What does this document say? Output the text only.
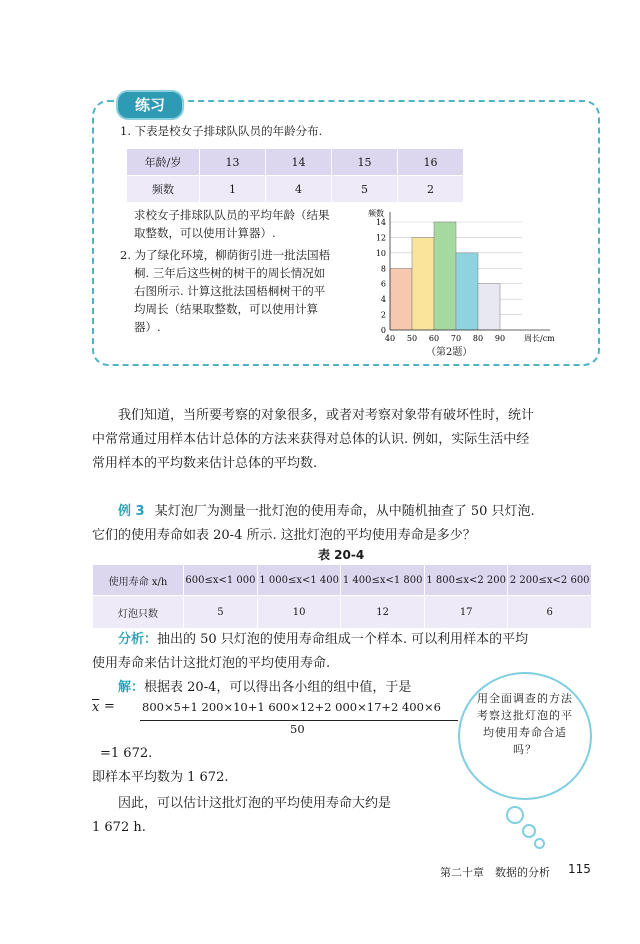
练习
1. 下表是校女子排球队队员的年龄分布.
年龄/岁	13	14	15	16
频数	1	4	5	2
求校女子排球队队员的平均年龄（结果
取整数，可以使用计算器）.
2. 为了绿化环境，柳荫街引进一批法国梧
桐. 三年后这些树的树干的周长情况如
右图所示. 计算这批法国梧桐树干的平
均周长（结果取整数，可以使用计算
器）.	0
2
4
6
8
10
12
14
40 50 60 70 80 90
频数
周长/cm
（第2题）
我们知道，当所要考察的对象很多，或者对考察对象带有破坏性时，统计
中常常通过用样本估计总体的方法来获得对总体的认识. 例如，实际生活中经
常用样本的平均数来估计总体的平均数.
例 3 某灯泡厂为测量一批灯泡的使用寿命，从中随机抽查了 50 只灯泡.
它们的使用寿命如表 20-4 所示. 这批灯泡的平均使用寿命是多少？
表 20-4
使用寿命 x/h	600≤x<1 000	1 000≤x<1 400	1 400≤x<1 800	1 800≤x<2 200	2 200≤x<2 600
灯泡只数	5	10	12	17	6
分析：抽出的 50 只灯泡的使用寿命组成一个样本. 可以利用样本的平均
使用寿命来估计这批灯泡的平均使用寿命.
解：根据表 20-4，可以得出各小组的组中值，于是
$\overline{x} = 800\times 5+1$ 200×10+1 600×12+2 000×17+2 400×6
50
=1 672.
即样本平均数为 1 672.
因此，可以估计这批灯泡的平均使用寿命大约是
1 672 h.
用全面调查的方法考察这批灯泡的平均使用寿命合适吗？
第二十章　数据的分析 115
